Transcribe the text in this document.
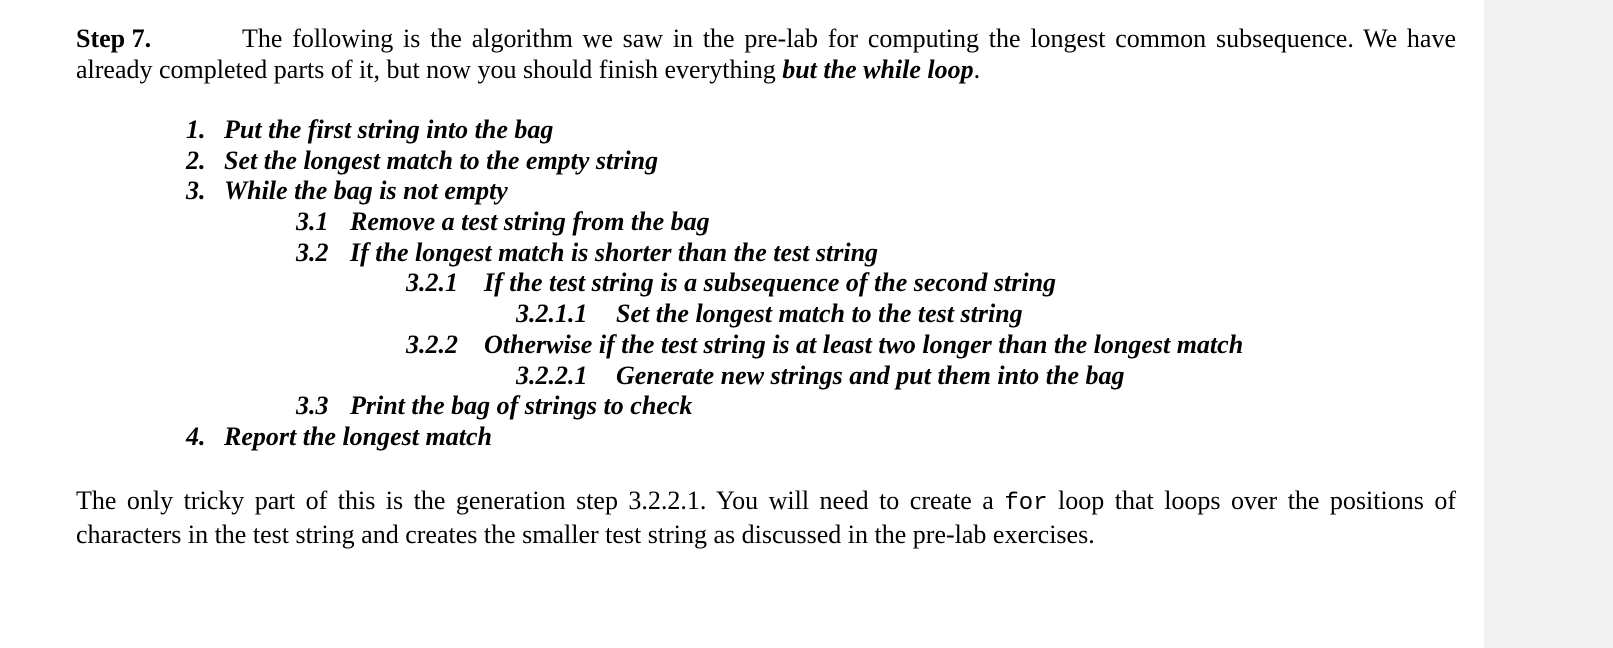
Step 7.	The following is the algorithm we saw in the pre-lab for computing the longest common subsequence. We have already completed parts of it, but now you should finish everything but the while loop.

1. Put the first string into the bag
2. Set the longest match to the empty string
3. While the bag is not empty
3.1 Remove a test string from the bag
3.2 If the longest match is shorter than the test string
3.2.1 If the test string is a subsequence of the second string
3.2.1.1 Set the longest match to the test string
3.2.2 Otherwise if the test string is at least two longer than the longest match
3.2.2.1 Generate new strings and put them into the bag
3.3 Print the bag of strings to check
4. Report the longest match

The only tricky part of this is the generation step 3.2.2.1. You will need to create a for loop that loops over the positions of characters in the test string and creates the smaller test string as discussed in the pre-lab exercises.
